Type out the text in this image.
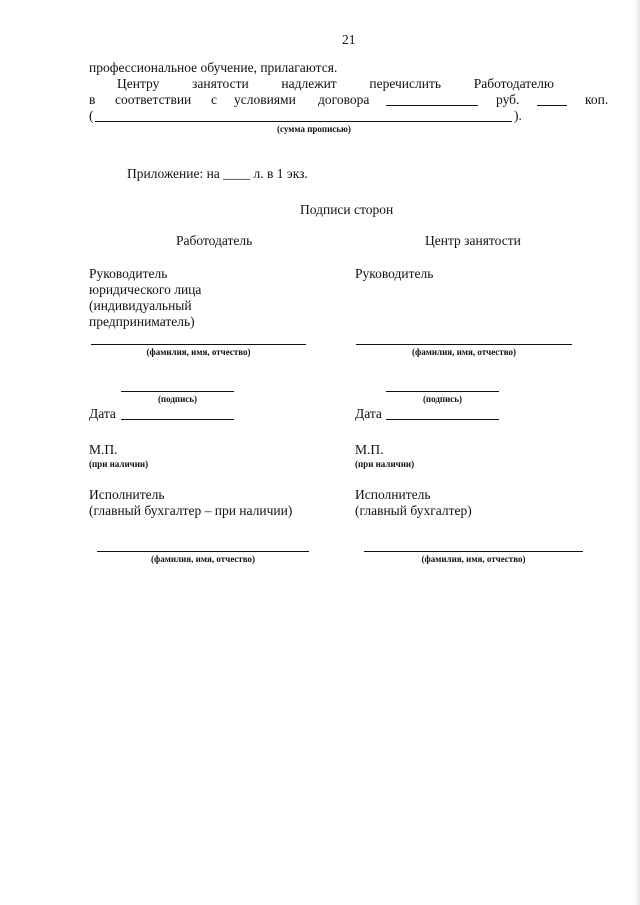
21
профессиональное обучение, прилагаются.
Центру занятости надлежит перечислить Работодателю
в соответствии с условиями договора	руб.	коп.
(	).
(сумма прописью)
Приложение: на ____ л. в 1 экз.
Подписи сторон
Работодатель
Руководитель
юридического лица
(индивидуальный
предприниматель)
(фамилия, имя, отчество)
(подпись)
Дата
М.П.
(при наличии)
Исполнитель
(главный бухгалтер – при наличии)
(фамилия, имя, отчество)
Центр занятости
Руководитель
(фамилия, имя, отчество)
(подпись)
Дата
М.П.
(при наличии)
Исполнитель
(главный бухгалтер)
(фамилия, имя, отчество)
